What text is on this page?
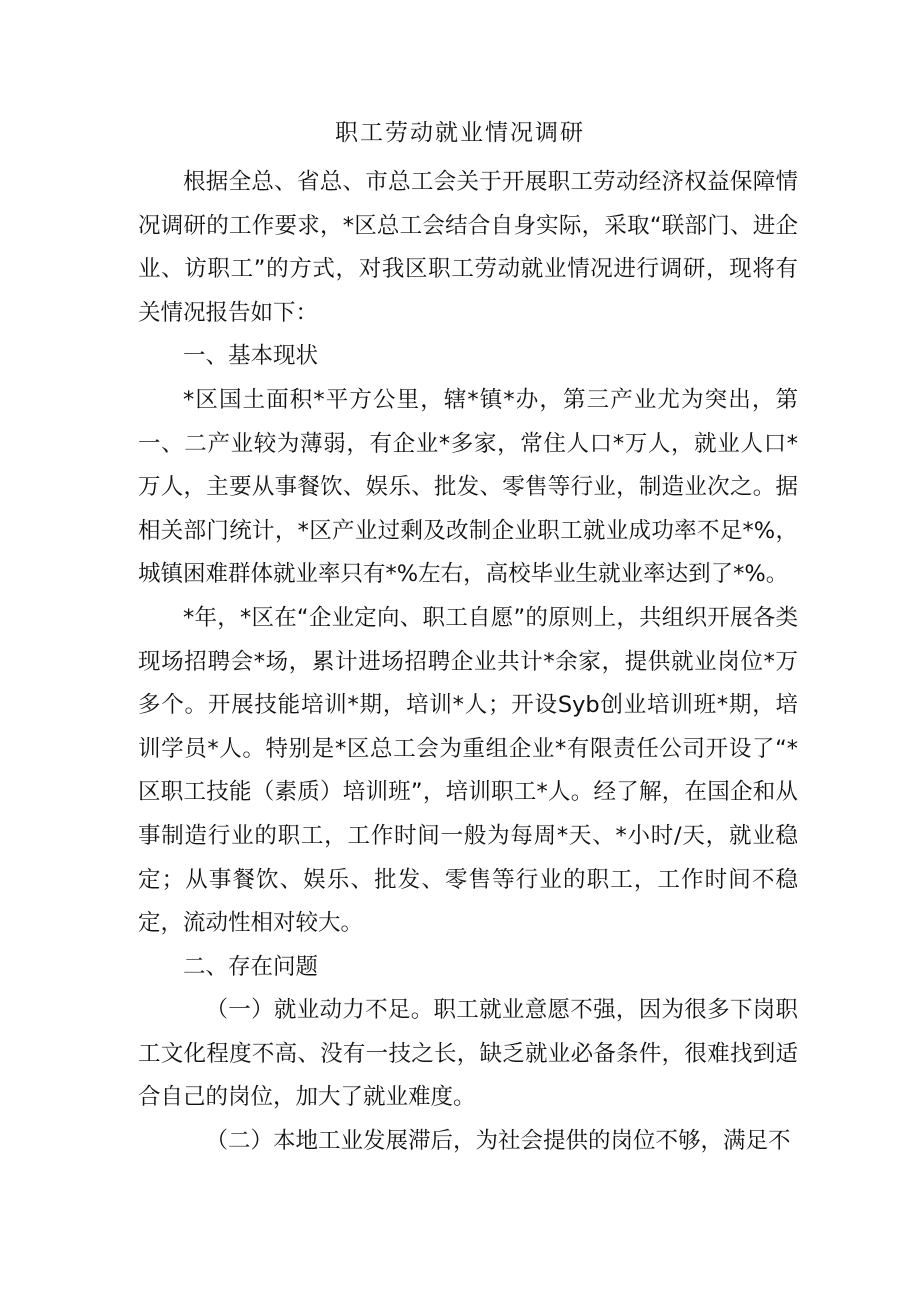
职工劳动就业情况调研

根据全总、省总、市总工会关于开展职工劳动经济权益保障情况调研的工作要求，*区总工会结合自身实际，采取“联部门、进企业、访职工”的方式，对我区职工劳动就业情况进行调研，现将有关情况报告如下：

一、基本现状

*区国土面积*平方公里，辖*镇*办，第三产业尤为突出，第一、二产业较为薄弱，有企业*多家，常住人口*万人，就业人口*万人，主要从事餐饮、娱乐、批发、零售等行业，制造业次之。据相关部门统计，*区产业过剩及改制企业职工就业成功率不足*%，城镇困难群体就业率只有*%左右，高校毕业生就业率达到了*%。

*年，*区在“企业定向、职工自愿”的原则上，共组织开展各类现场招聘会*场，累计进场招聘企业共计*余家，提供就业岗位*万多个。开展技能培训*期，培训*人；开设Syb创业培训班*期，培训学员*人。特别是*区总工会为重组企业*有限责任公司开设了“*区职工技能（素质）培训班”，培训职工*人。经了解，在国企和从事制造行业的职工，工作时间一般为每周*天、*小时/天，就业稳定；从事餐饮、娱乐、批发、零售等行业的职工，工作时间不稳定，流动性相对较大。

二、存在问题

（一）就业动力不足。职工就业意愿不强，因为很多下岗职工文化程度不高、没有一技之长，缺乏就业必备条件，很难找到适合自己的岗位，加大了就业难度。

（二）本地工业发展滞后，为社会提供的岗位不够，满足不
